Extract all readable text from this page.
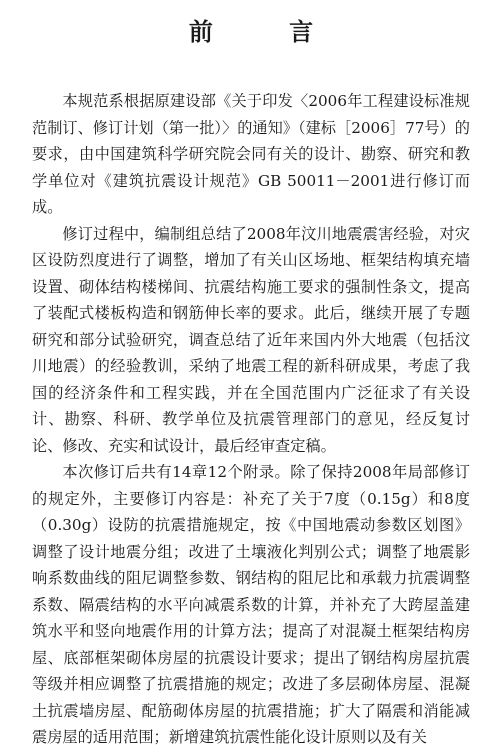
前 言

本规范系根据原建设部《关于印发〈2006年工程建设标准规范制订、修订计划（第一批）〉的通知》（建标［2006］77号）的要求，由中国建筑科学研究院会同有关的设计、勘察、研究和教学单位对《建筑抗震设计规范》GB 50011－2001进行修订而成。

修订过程中，编制组总结了2008年汶川地震震害经验，对灾区设防烈度进行了调整，增加了有关山区场地、框架结构填充墙设置、砌体结构楼梯间、抗震结构施工要求的强制性条文，提高了装配式楼板构造和钢筋伸长率的要求。此后，继续开展了专题研究和部分试验研究，调查总结了近年来国内外大地震（包括汶川地震）的经验教训，采纳了地震工程的新科研成果，考虑了我国的经济条件和工程实践，并在全国范围内广泛征求了有关设计、勘察、科研、教学单位及抗震管理部门的意见，经反复讨论、修改、充实和试设计，最后经审查定稿。

本次修订后共有14章12个附录。除了保持2008年局部修订的规定外，主要修订内容是：补充了关于7度（0.15g）和8度（0.30g）设防的抗震措施规定，按《中国地震动参数区划图》调整了设计地震分组；改进了土壤液化判别公式；调整了地震影响系数曲线的阻尼调整参数、钢结构的阻尼比和承载力抗震调整系数、隔震结构的水平向减震系数的计算，并补充了大跨屋盖建筑水平和竖向地震作用的计算方法；提高了对混凝土框架结构房屋、底部框架砌体房屋的抗震设计要求；提出了钢结构房屋抗震等级并相应调整了抗震措施的规定；改进了多层砌体房屋、混凝土抗震墙房屋、配筋砌体房屋的抗震措施；扩大了隔震和消能减震房屋的适用范围；新增建筑抗震性能化设计原则以及有关
